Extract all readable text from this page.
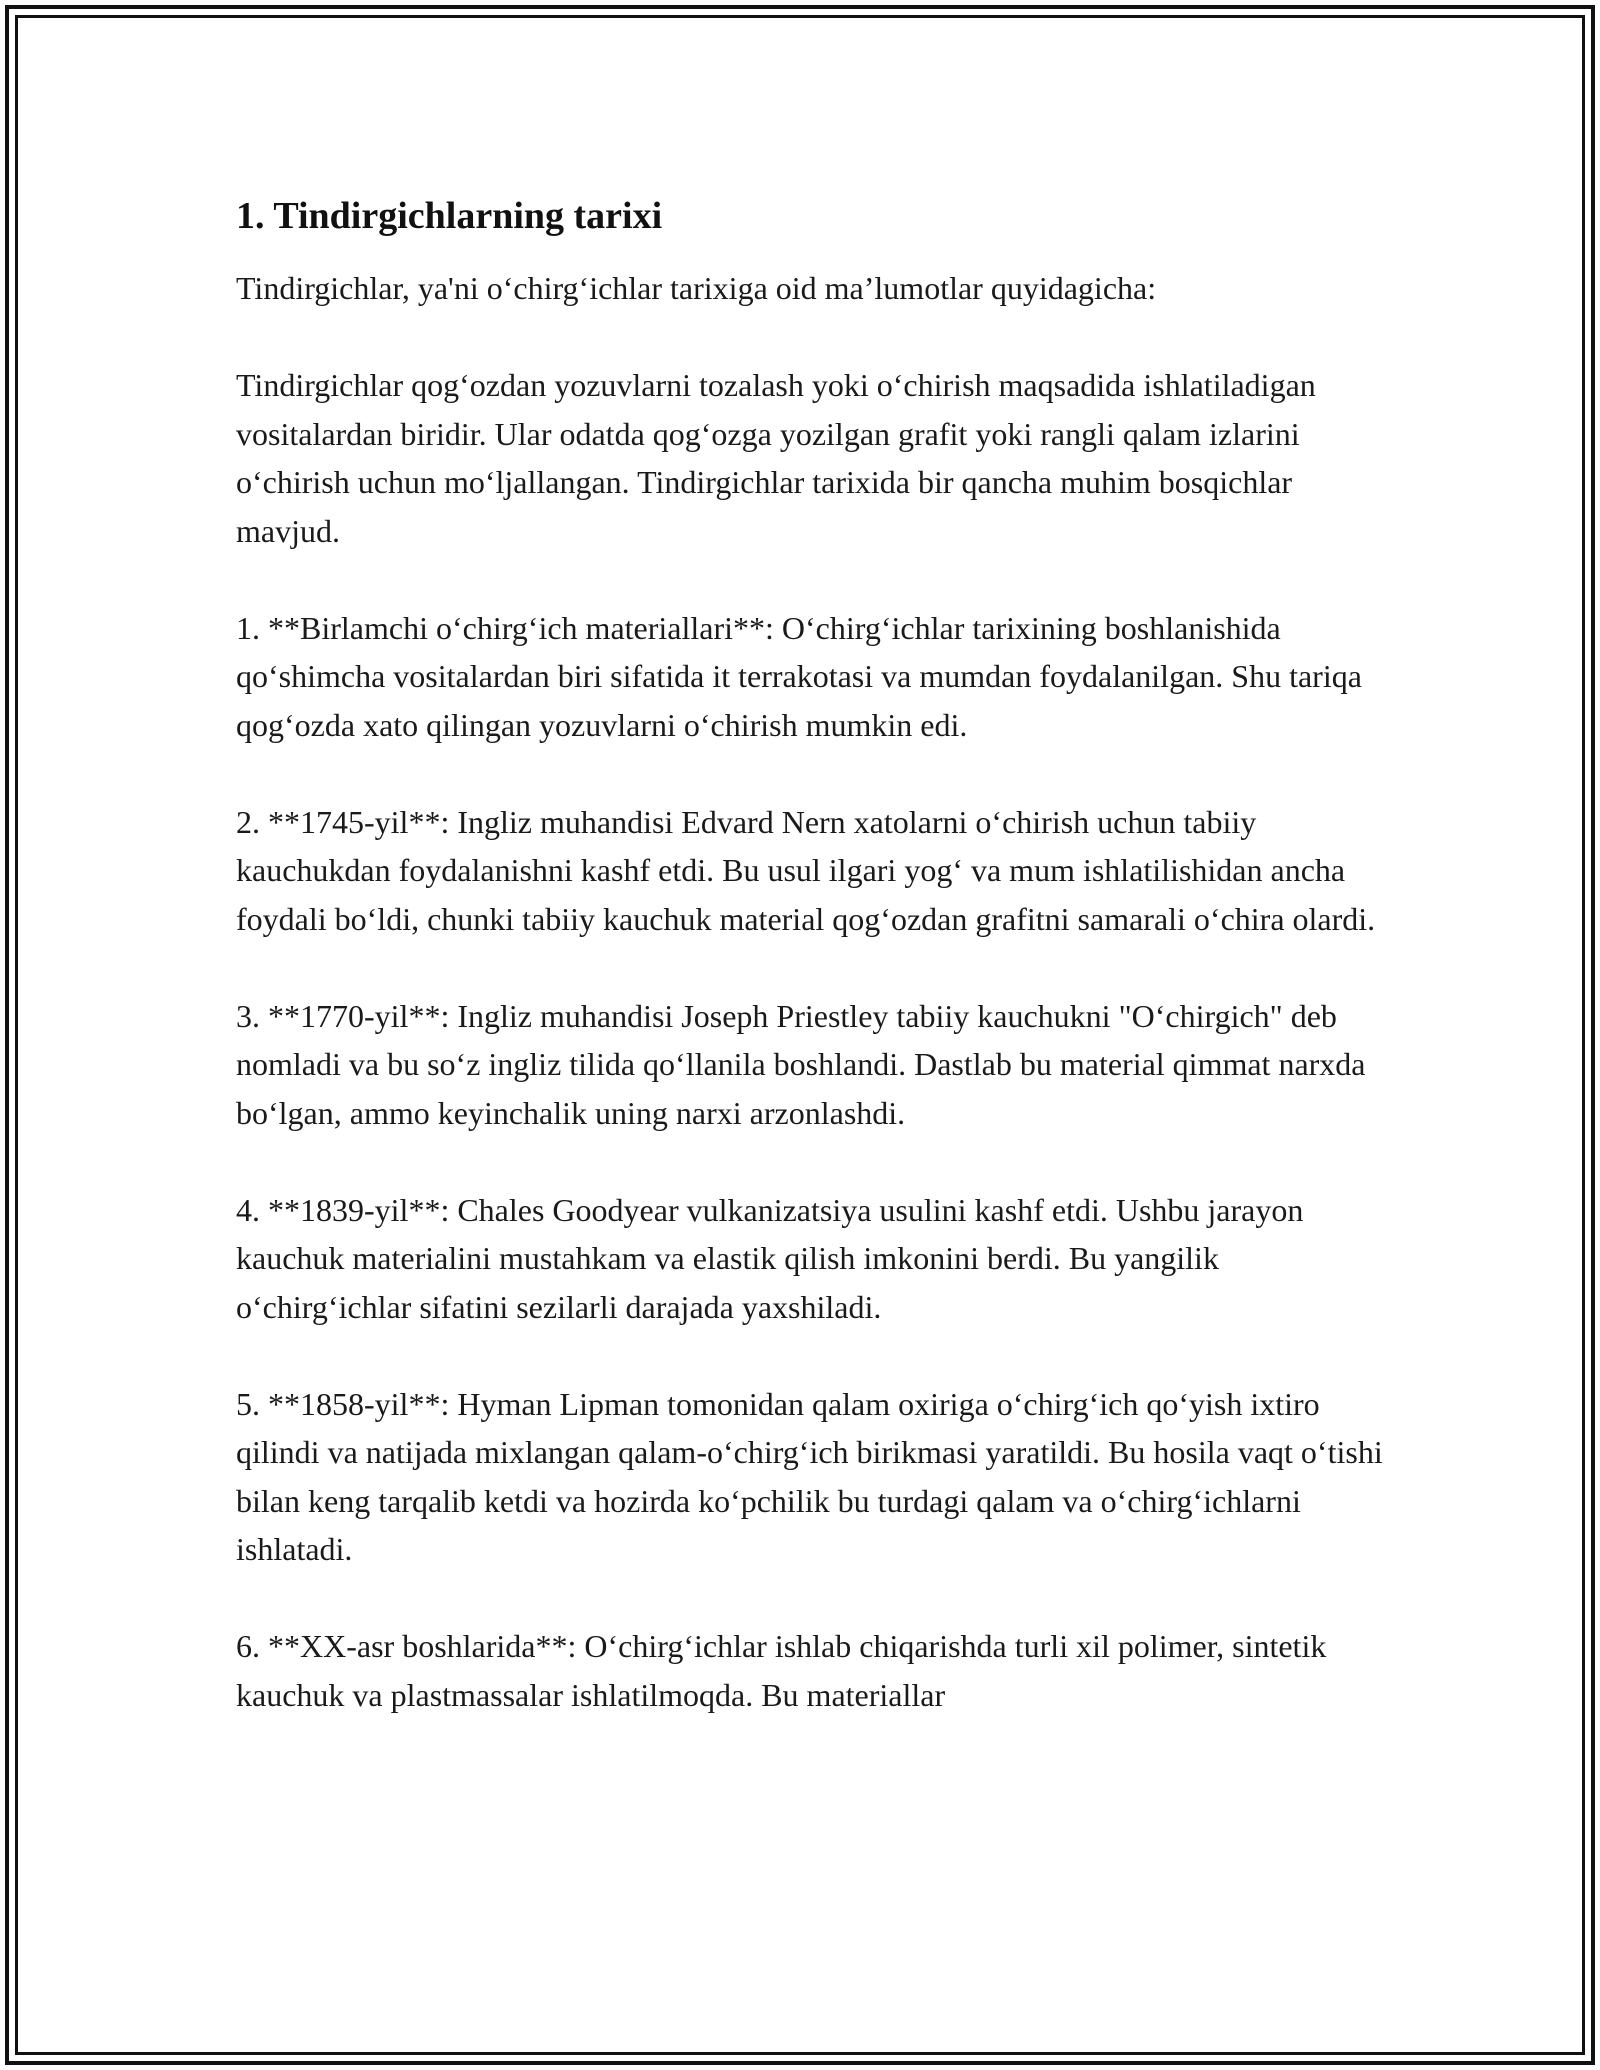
1. Tindirgichlarning tarixi

Tindirgichlar, ya'ni o‘chirg‘ichlar tarixiga oid ma’lumotlar quyidagicha:

Tindirgichlar qog‘ozdan yozuvlarni tozalash yoki o‘chirish maqsadida ishlatiladigan vositalardan biridir. Ular odatda qog‘ozga yozilgan grafit yoki rangli qalam izlarini o‘chirish uchun mo‘ljallangan. Tindirgichlar tarixida bir qancha muhim bosqichlar mavjud.

1. **Birlamchi o‘chirg‘ich materiallari**: O‘chirg‘ichlar tarixining boshlanishida qo‘shimcha vositalardan biri sifatida it terrakotasi va mumdan foydalanilgan. Shu tariqa qog‘ozda xato qilingan yozuvlarni o‘chirish mumkin edi.

2. **1745-yil**: Ingliz muhandisi Edvard Nern xatolarni o‘chirish uchun tabiiy kauchukdan foydalanishni kashf etdi. Bu usul ilgari yog‘ va mum ishlatilishidan ancha foydali bo‘ldi, chunki tabiiy kauchuk material qog‘ozdan grafitni samarali o‘chira olardi.

3. **1770-yil**: Ingliz muhandisi Joseph Priestley tabiiy kauchukni "O‘chirgich" deb nomladi va bu so‘z ingliz tilida qo‘llanila boshlandi. Dastlab bu material qimmat narxda bo‘lgan, ammo keyinchalik uning narxi arzonlashdi.

4. **1839-yil**: Chales Goodyear vulkanizatsiya usulini kashf etdi. Ushbu jarayon kauchuk materialini mustahkam va elastik qilish imkonini berdi. Bu yangilik o‘chirg‘ichlar sifatini sezilarli darajada yaxshiladi.

5. **1858-yil**: Hyman Lipman tomonidan qalam oxiriga o‘chirg‘ich qo‘yish ixtiro qilindi va natijada mixlangan qalam-o‘chirg‘ich birikmasi yaratildi. Bu hosila vaqt o‘tishi bilan keng tarqalib ketdi va hozirda ko‘pchilik bu turdagi qalam va o‘chirg‘ichlarni ishlatadi.

6. **XX-asr boshlarida**: O‘chirg‘ichlar ishlab chiqarishda turli xil polimer, sintetik kauchuk va plastmassalar ishlatilmoqda. Bu materiallar
